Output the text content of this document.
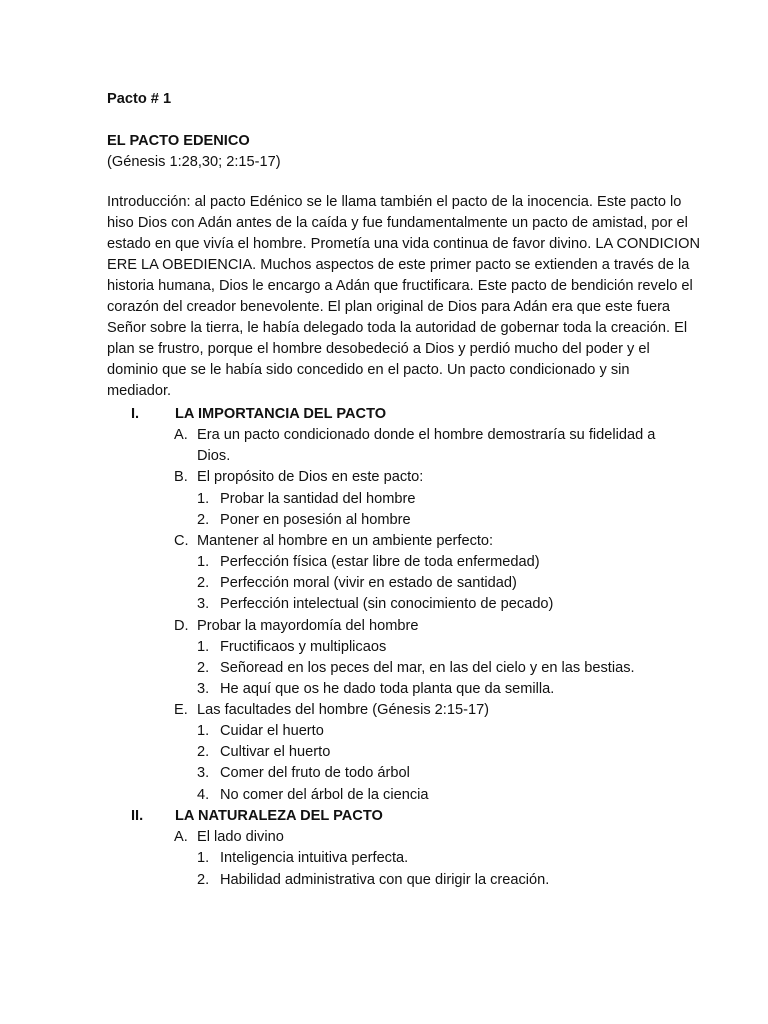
Pacto # 1
EL PACTO EDENICO
(Génesis 1:28,30; 2:15-17)
Introducción: al pacto Edénico se le llama también el pacto de la inocencia. Este pacto lo
hiso Dios con Adán antes de la caída y fue fundamentalmente un pacto de amistad, por el
estado en que vivía el hombre. Prometía una vida continua de favor divino. LA CONDICION
ERE LA OBEDIENCIA. Muchos aspectos de este primer pacto se extienden a través de la
historia humana, Dios le encargo a Adán que fructificara. Este pacto de bendición revelo el
corazón del creador benevolente. El plan original de Dios para Adán era que este fuera
Señor sobre la tierra, le había delegado toda la autoridad de gobernar toda la creación. El
plan se frustro, porque el hombre desobedeció a Dios y perdió mucho del poder y el
dominio que se le había sido concedido en el pacto. Un pacto condicionado y sin
mediador.
I. LA IMPORTANCIA DEL PACTO
A. Era un pacto condicionado donde el hombre demostraría su fidelidad a
Dios.
B. El propósito de Dios en este pacto:
1. Probar la santidad del hombre
2. Poner en posesión al hombre
C. Mantener al hombre en un ambiente perfecto:
1. Perfección física (estar libre de toda enfermedad)
2. Perfección moral (vivir en estado de santidad)
3. Perfección intelectual (sin conocimiento de pecado)
D. Probar la mayordomía del hombre
1. Fructificaos y multiplicaos
2. Señoread en los peces del mar, en las del cielo y en las bestias.
3. He aquí que os he dado toda planta que da semilla.
E. Las facultades del hombre (Génesis 2:15-17)
1. Cuidar el huerto
2. Cultivar el huerto
3. Comer del fruto de todo árbol
4. No comer del árbol de la ciencia
II. LA NATURALEZA DEL PACTO
A. El lado divino
1. Inteligencia intuitiva perfecta.
2. Habilidad administrativa con que dirigir la creación.
